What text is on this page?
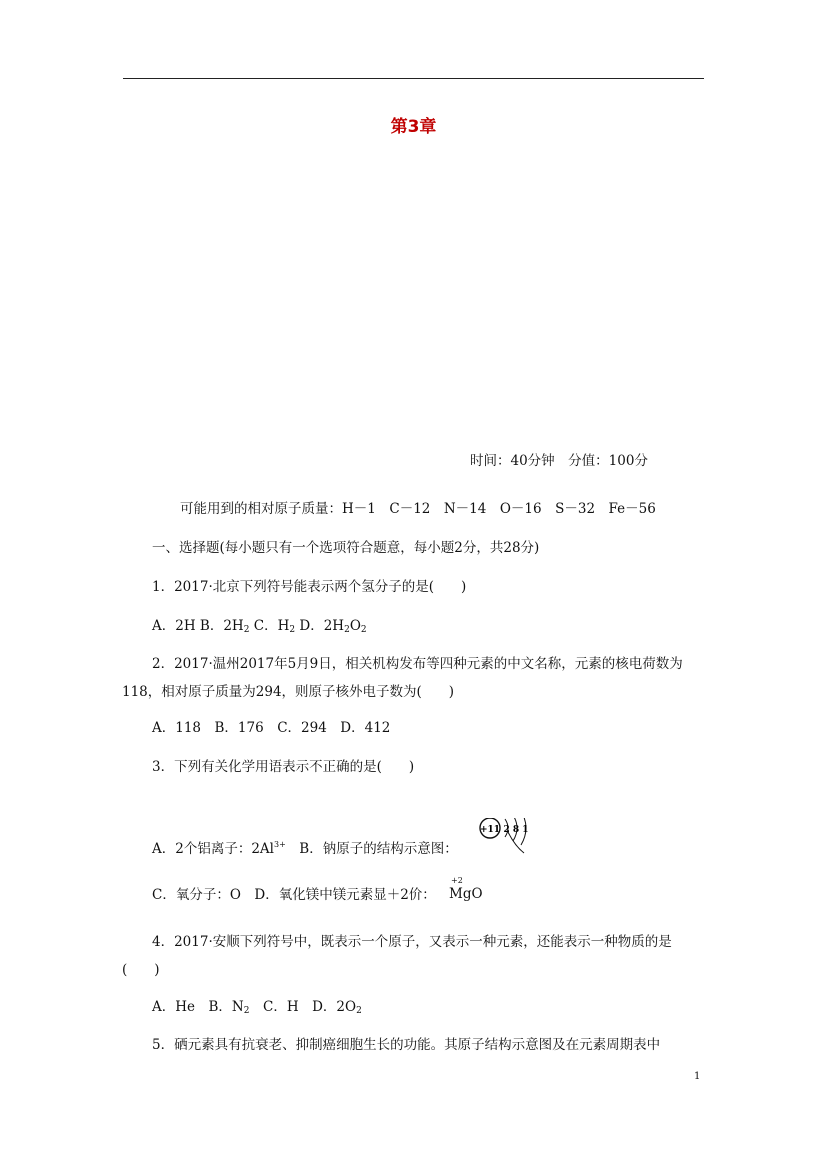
第3章
时间：40分钟　分值：100分
可能用到的相对原子质量：H－1　C－12　N－14　O－16　S－32　Fe－56
一、选择题(每小题只有一个选项符合题意，每小题2分，共28分)
1．2017·北京下列符号能表示两个氢分子的是(　　)
A．2H B．$2H_2$ C．$H_2$ D．$2H_2O_2$
2．2017·温州2017年5月9日，相关机构发布等四种元素的中文名称，元素的核电荷数为118，相对原子质量为294，则原子核外电子数为(　　)
A．118　B．176　C．294　D．412
3．下列有关化学用语表示不正确的是(　　)
A．2个铝离子：$2Al^{3+}$　B．钠原子的结构示意图：
+11 2 8 1
C．氧分子：O　D．氧化镁中镁元素显＋2价：
+2
MgO
4．2017·安顺下列符号中，既表示一个原子，又表示一种元素，还能表示一种物质的是(　　)
A．He　B．$N_2$　C．H　D．$2O_2$
5．硒元素具有抗衰老、抑制癌细胞生长的功能。其原子结构示意图及在元素周期表中
1
